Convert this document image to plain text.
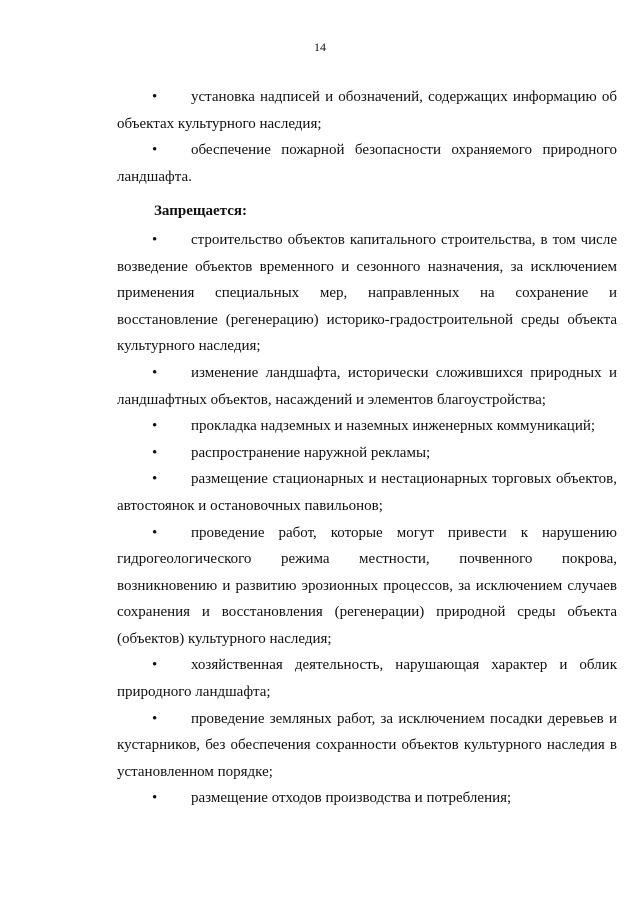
14

• установка надписей и обозначений, содержащих информацию об объектах культурного наследия;

• обеспечение пожарной безопасности охраняемого природного ландшафта.

Запрещается:

• строительство объектов капитального строительства, в том числе возведение объектов временного и сезонного назначения, за исключением применения специальных мер, направленных на сохранение и восстановление (регенерацию) историко-градостроительной среды объекта культурного наследия;

• изменение ландшафта, исторически сложившихся природных и ландшафтных объектов, насаждений и элементов благоустройства;

• прокладка надземных и наземных инженерных коммуникаций;

• распространение наружной рекламы;

• размещение стационарных и нестационарных торговых объектов, автостоянок и остановочных павильонов;

• проведение работ, которые могут привести к нарушению гидрогеологического режима местности, почвенного покрова, возникновению и развитию эрозионных процессов, за исключением случаев сохранения и восстановления (регенерации) природной среды объекта (объектов) культурного наследия;

• хозяйственная деятельность, нарушающая характер и облик природного ландшафта;

• проведение земляных работ, за исключением посадки деревьев и кустарников, без обеспечения сохранности объектов культурного наследия в установленном порядке;

• размещение отходов производства и потребления;
